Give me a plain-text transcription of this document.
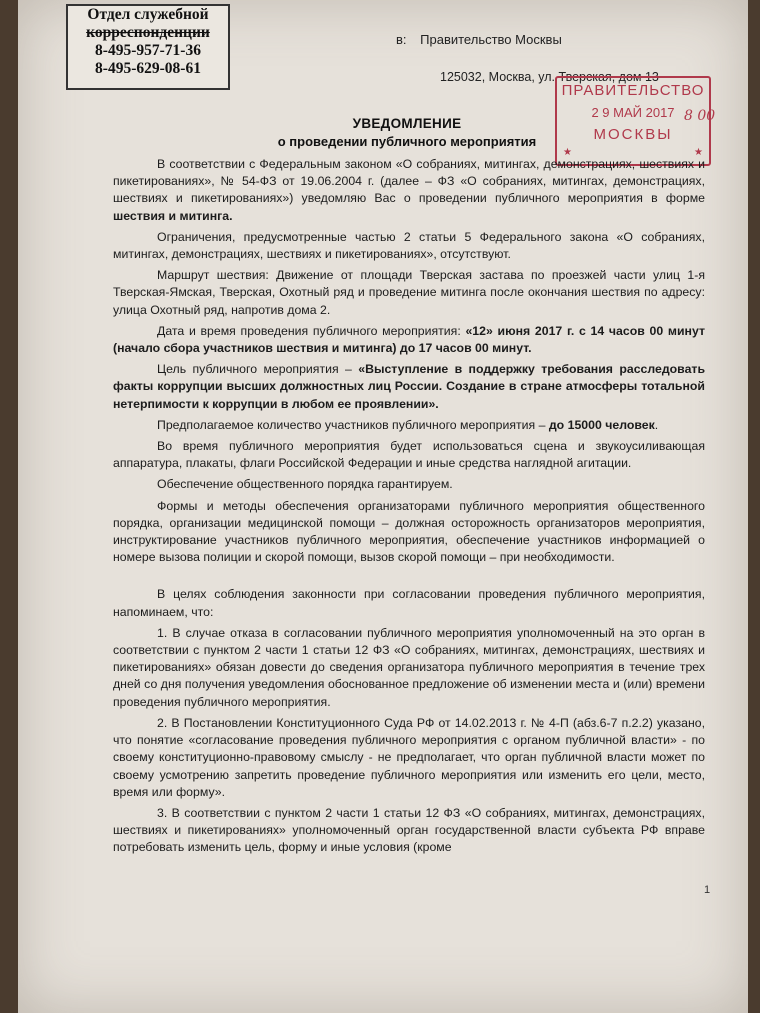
Отдел служебной
корреспонденции
8-495-957-71-36
8-495-629-08-61
в: Правительство Москвы
125032, Москва, ул. Тверская, дом 13
ПРАВИТЕЛЬСТВО
2 9 МАЙ 2017
МОСКВЫ
★	★
8 00
УВЕДОМЛЕНИЕ
о проведении публичного мероприятия

В соответствии с Федеральным законом «О собраниях, митингах, демонстрациях, шествиях и пикетированиях», № 54-ФЗ от 19.06.2004 г. (далее – ФЗ «О собраниях, митингах, демонстрациях, шествиях и пикетированиях») уведомляю Вас о проведении публичного мероприятия в форме шествия и митинга.

Ограничения, предусмотренные частью 2 статьи 5 Федерального закона «О собраниях, митингах, демонстрациях, шествиях и пикетированиях», отсутствуют.

Маршрут шествия: Движение от площади Тверская застава по проезжей части улиц 1-я Тверская-Ямская, Тверская, Охотный ряд и проведение митинга после окончания шествия по адресу: улица Охотный ряд, напротив дома 2.

Дата и время проведения публичного мероприятия: «12» июня 2017 г. с 14 часов 00 минут (начало сбора участников шествия и митинга) до 17 часов 00 минут.

Цель публичного мероприятия – «Выступление в поддержку требования расследовать факты коррупции высших должностных лиц России. Создание в стране атмосферы тотальной нетерпимости к коррупции в любом ее проявлении».

Предполагаемое количество участников публичного мероприятия – до 15000 человек.

Во время публичного мероприятия будет использоваться сцена и звукоусиливающая аппаратура, плакаты, флаги Российской Федерации и иные средства наглядной агитации.

Обеспечение общественного порядка гарантируем.

Формы и методы обеспечения организаторами публичного мероприятия общественного порядка, организации медицинской помощи – должная осторожность организаторов мероприятия, инструктирование участников публичного мероприятия, обеспечение участников информацией о номере вызова полиции и скорой помощи, вызов скорой помощи – при необходимости.

В целях соблюдения законности при согласовании проведения публичного мероприятия, напоминаем, что:

1. В случае отказа в согласовании публичного мероприятия уполномоченный на это орган в соответствии с пунктом 2 части 1 статьи 12 ФЗ «О собраниях, митингах, демонстрациях, шествиях и пикетированиях» обязан довести до сведения организатора публичного мероприятия в течение трех дней со дня получения уведомления обоснованное предложение об изменении места и (или) времени проведения публичного мероприятия.

2. В Постановлении Конституционного Суда РФ от 14.02.2013 г. № 4-П (абз.6-7 п.2.2) указано, что понятие «согласование проведения публичного мероприятия с органом публичной власти» - по своему конституционно-правовому смыслу - не предполагает, что орган публичной власти может по своему усмотрению запретить проведение публичного мероприятия или изменить его цели, место, время или форму».

3. В соответствии с пунктом 2 части 1 статьи 12 ФЗ «О собраниях, митингах, демонстрациях, шествиях и пикетированиях» уполномоченный орган государственной власти субъекта РФ вправе потребовать изменить цель, форму и иные условия (кроме

1
